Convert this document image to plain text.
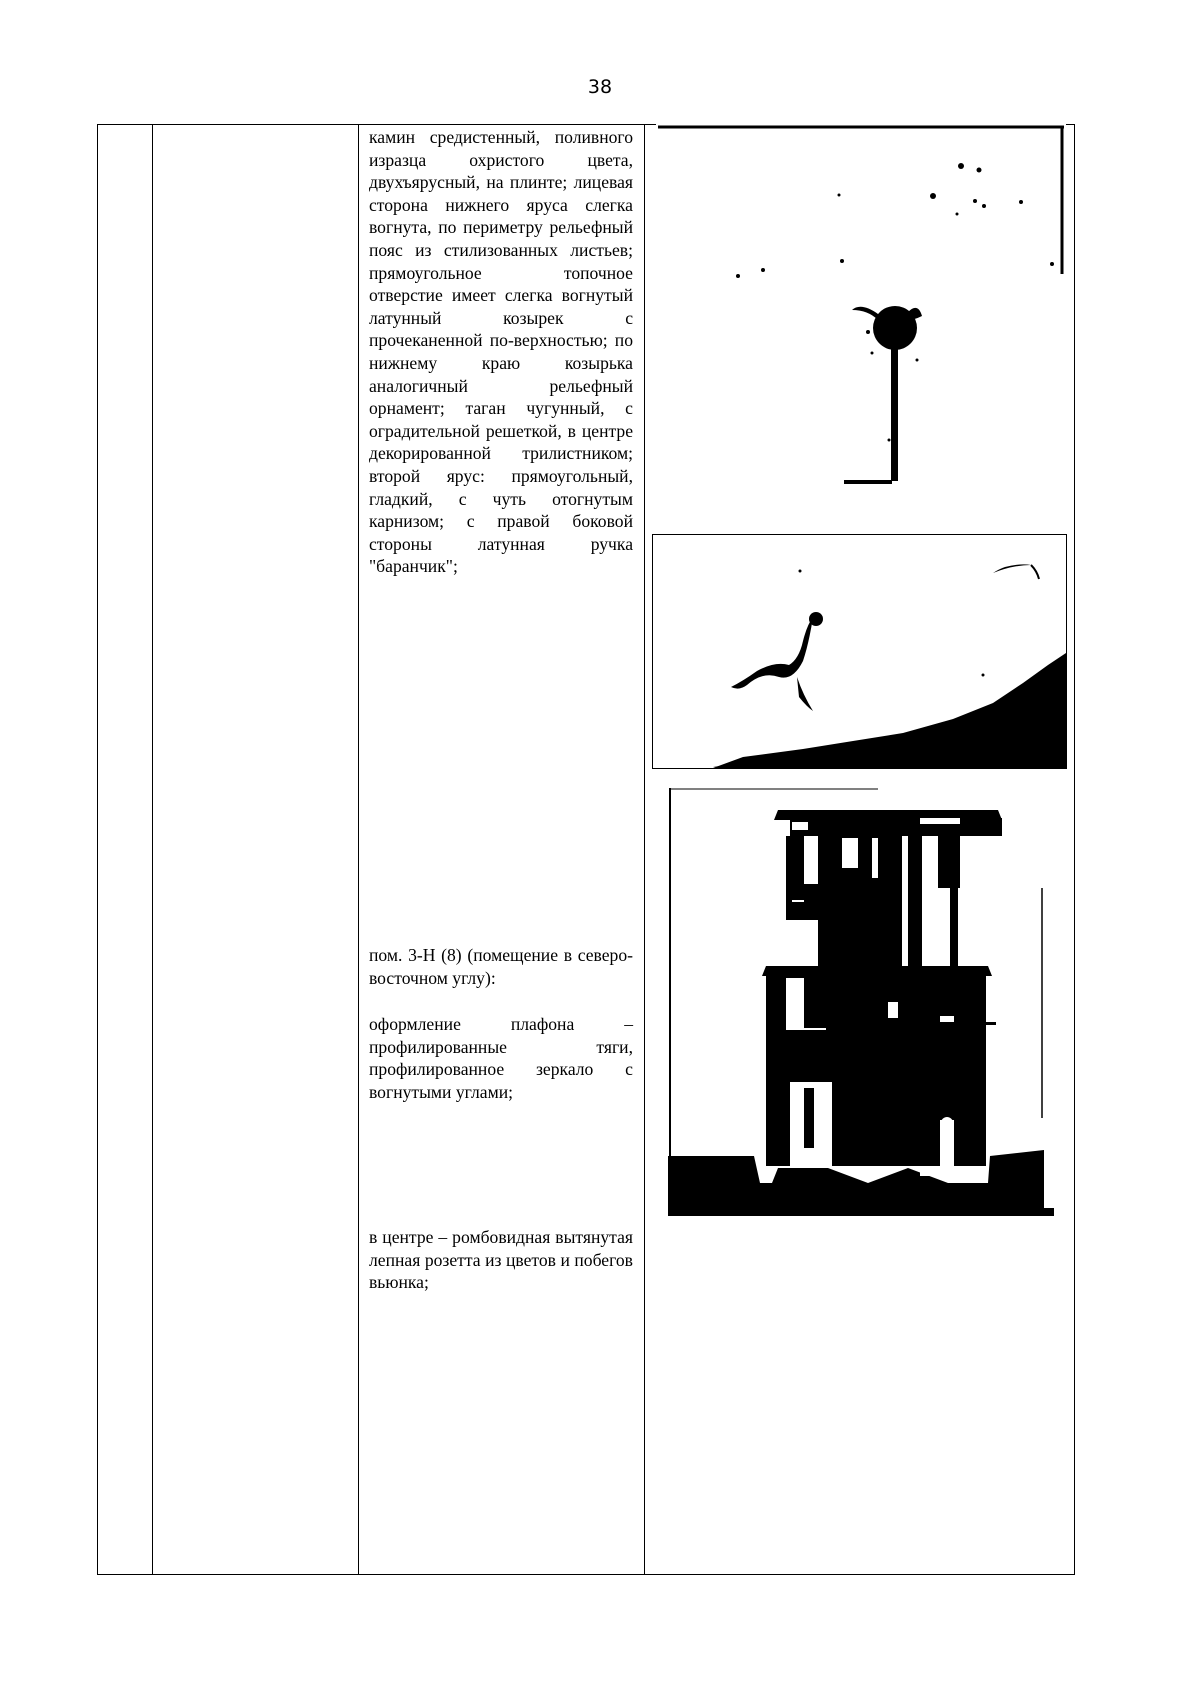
38
камин средистенный, поливного изразца охристого цвета, двухъярусный, на плинте; лицевая сторона нижнего яруса слегка вогнута, по периметру рельефный пояс из стилизованных листьев; прямоугольное топочное отверстие имеет слегка вогнутый латунный козырек с прочеканенной по-верхностью; по нижнему краю козырька аналогичный рельефный орнамент; таган чугунный, с оградительной решеткой, в центре декорированной трилистником; второй ярус: прямоугольный, гладкий, с чуть отогнутым карнизом; с правой боковой стороны латунная ручка "баранчик";
пом. 3-Н (8) (помещение в северо-восточном углу):
оформление плафона – профилированные тяги, профилированное зеркало с вогнутыми углами;
в центре – ромбовидная вытянутая лепная розетта из цветов и побегов вьюнка;
